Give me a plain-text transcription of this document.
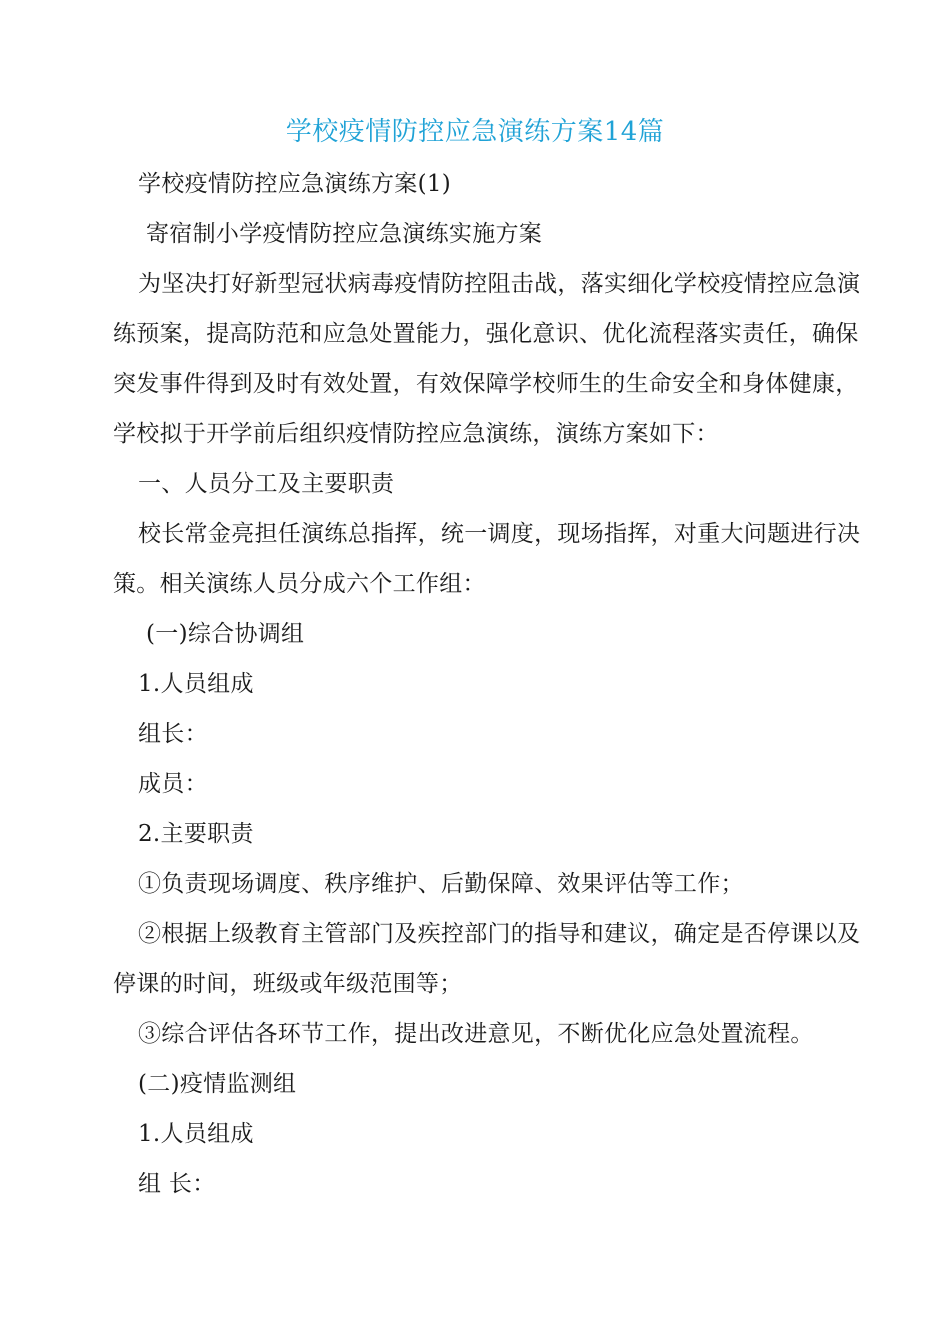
学校疫情防控应急演练方案14篇
学校疫情防控应急演练方案(1)
寄宿制小学疫情防控应急演练实施方案
为坚决打好新型冠状病毒疫情防控阻击战，落实细化学校疫情控应急演
练预案，提高防范和应急处置能力，强化意识、优化流程落实责任，确保
突发事件得到及时有效处置，有效保障学校师生的生命安全和身体健康，
学校拟于开学前后组织疫情防控应急演练，演练方案如下：
一、人员分工及主要职责
校长常金亮担任演练总指挥，统一调度，现场指挥，对重大问题进行决
策。相关演练人员分成六个工作组：
(一)综合协调组
1.人员组成
组长：
成员：
2.主要职责
①负责现场调度、秩序维护、后勤保障、效果评估等工作；
②根据上级教育主管部门及疾控部门的指导和建议，确定是否停课以及
停课的时间，班级或年级范围等；
③综合评估各环节工作，提出改进意见，不断优化应急处置流程。
(二)疫情监测组
1.人员组成
组 长：
